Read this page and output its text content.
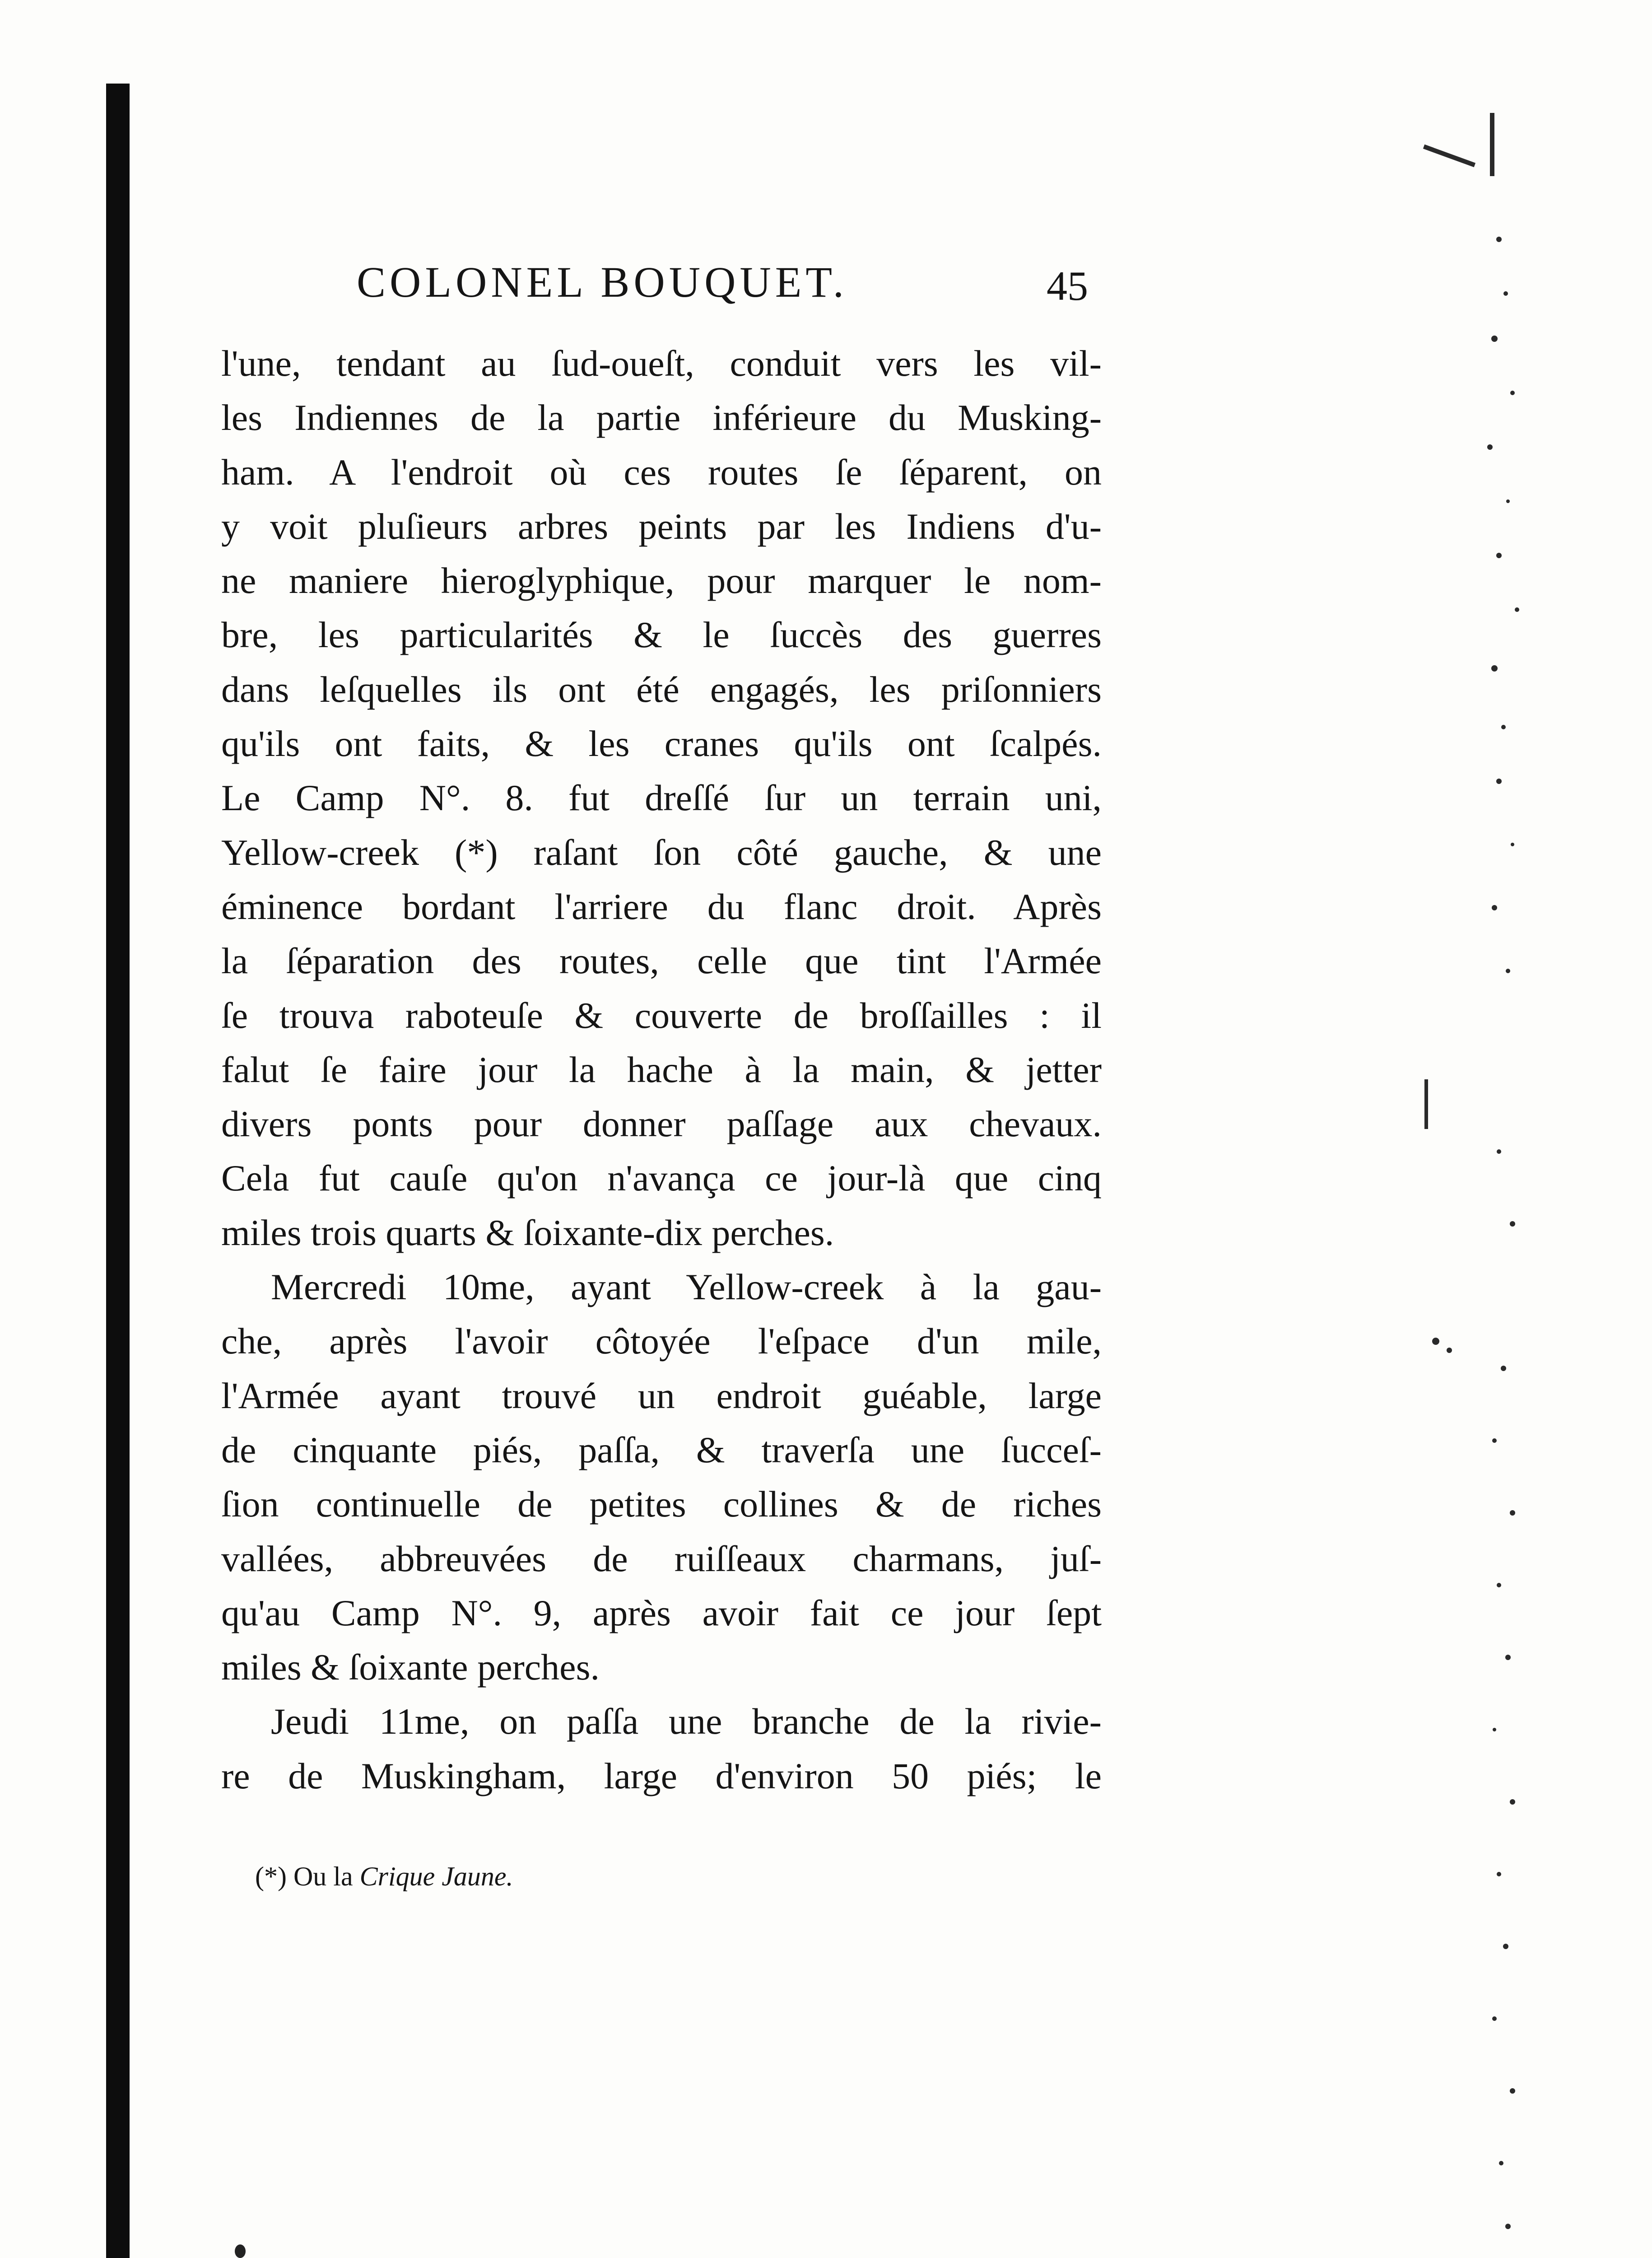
COLONEL BOUQUET.	45
l'une, tendant au ſud-oueſt, conduit vers les vil-
les Indiennes de la partie inférieure du Musking-
ham. A l'endroit où ces routes ſe ſéparent, on
y voit pluſieurs arbres peints par les Indiens d'u-
ne maniere hieroglyphique, pour marquer le nom-
bre, les particularités & le ſuccès des guerres
dans leſquelles ils ont été engagés, les priſonniers
qu'ils ont faits, & les cranes qu'ils ont ſcalpés.
Le Camp N°. 8. fut dreſſé ſur un terrain uni,
Yellow-creek (*) raſant ſon côté gauche, & une
éminence bordant l'arriere du flanc droit. Après
la ſéparation des routes, celle que tint l'Armée
ſe trouva raboteuſe & couverte de broſſailles : il
falut ſe faire jour la hache à la main, & jetter
divers ponts pour donner paſſage aux chevaux.
Cela fut cauſe qu'on n'avança ce jour-là que cinq
miles trois quarts & ſoixante-dix perches.
Mercredi 10me, ayant Yellow-creek à la gau-
che, après l'avoir côtoyée l'eſpace d'un mile,
l'Armée ayant trouvé un endroit guéable, large
de cinquante piés, paſſa, & traverſa une ſucceſ-
ſion continuelle de petites collines & de riches
vallées, abbreuvées de ruiſſeaux charmans, juſ-
qu'au Camp N°. 9, après avoir fait ce jour ſept
miles & ſoixante perches.
Jeudi 11me, on paſſa une branche de la rivie-
re de Muskingham, large d'environ 50 piés; le
(*) Ou la Crique Jaune.
